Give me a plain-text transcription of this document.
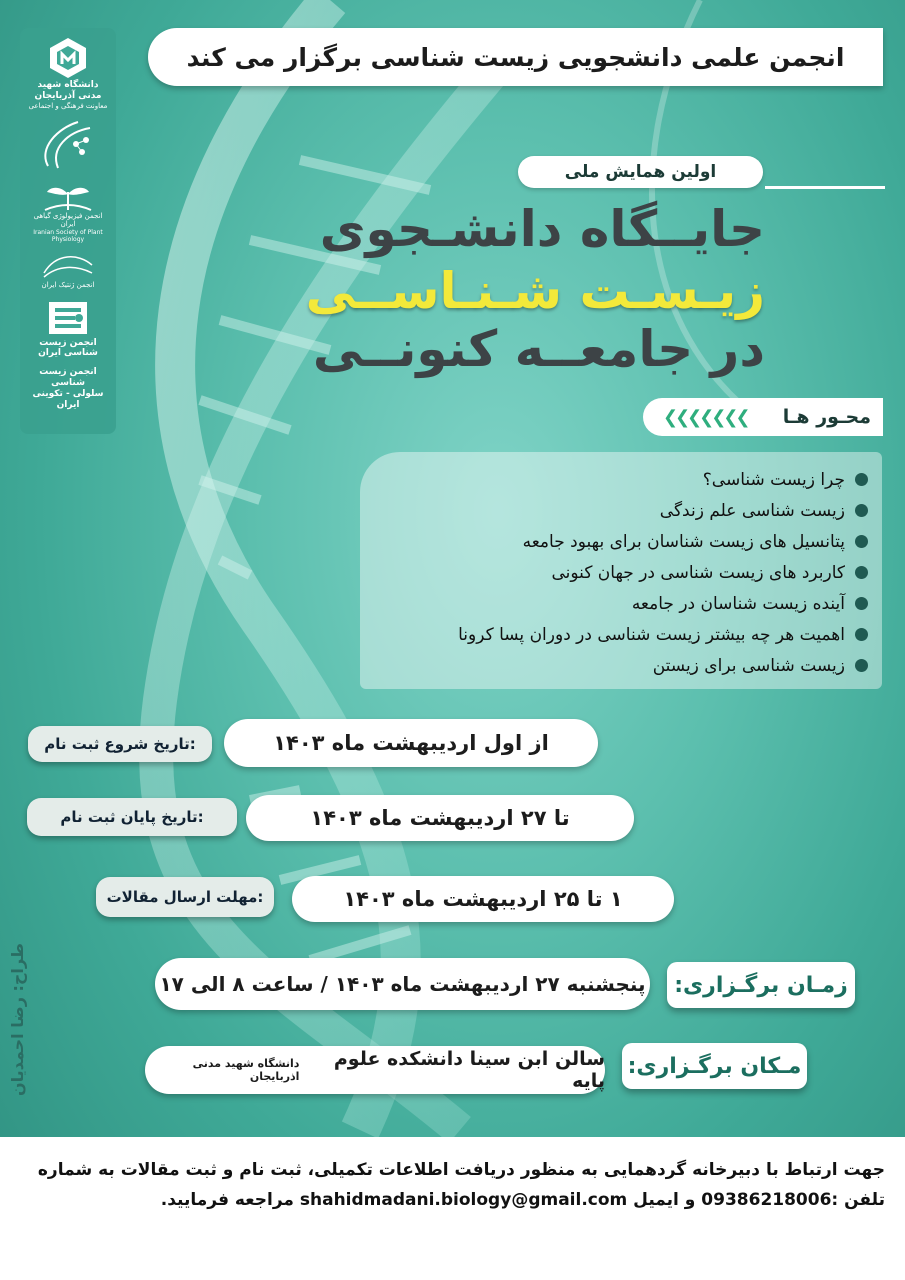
انجمن علمی دانشجویی زیست شناسی برگزار می کند
دانشگاه شهید مدنی آذربایجان
معاونت فرهنگی و اجتماعی
انجمن فیزیولوژی گیاهی ایران
Iranian Society of Plant Physiology
انجمن ژنتیک ایران
انجمن زیست شناسی ایران
انجمن زیست شناسی
سلولی - تکوینی ایران
اولین همایش ملی
جایــگاه دانشـجوی
زیـسـت شـنـاســی
در جامعــه کنونــی
❮❮❮❮❮❮❮ محـور هـا
چرا زیست شناسی؟
زیست شناسی علم زندگی
پتانسیل های زیست شناسان برای بهبود جامعه
کاربرد های زیست شناسی در جهان کنونی
آینده زیست شناسان در جامعه
اهمیت هر چه بیشتر زیست شناسی در دوران پسا کرونا
زیست شناسی برای زیستن
از اول اردیبهشت ماه ۱۴۰۳
:تاریخ شروع ثبت نام
تا ۲۷ اردیبهشت ماه ۱۴۰۳
:تاریخ پایان ثبت نام
۱ تا ۲۵ اردیبهشت ماه ۱۴۰۳
:مهلت ارسال مقالات
پنجشنبه ۲۷ اردیبهشت ماه ۱۴۰۳ / ساعت ۸ الی ۱۷	زمـان برگـزاری:
سالن ابن سینا دانشکده علوم پایه
دانشگاه شهید مدنی اذربایجان	مـکان برگـزاری:
طراح: رضا احمدیان

جهت ارتباط با دبیرخانه گردهمایی به منظور دریافت اطلاعات تکمیلی، ثبت نام و ثبت مقالات به شماره

تلفن :09386218006 و ایمیل shahidmadani.biology@gmail.com مراجعه فرمایید.
